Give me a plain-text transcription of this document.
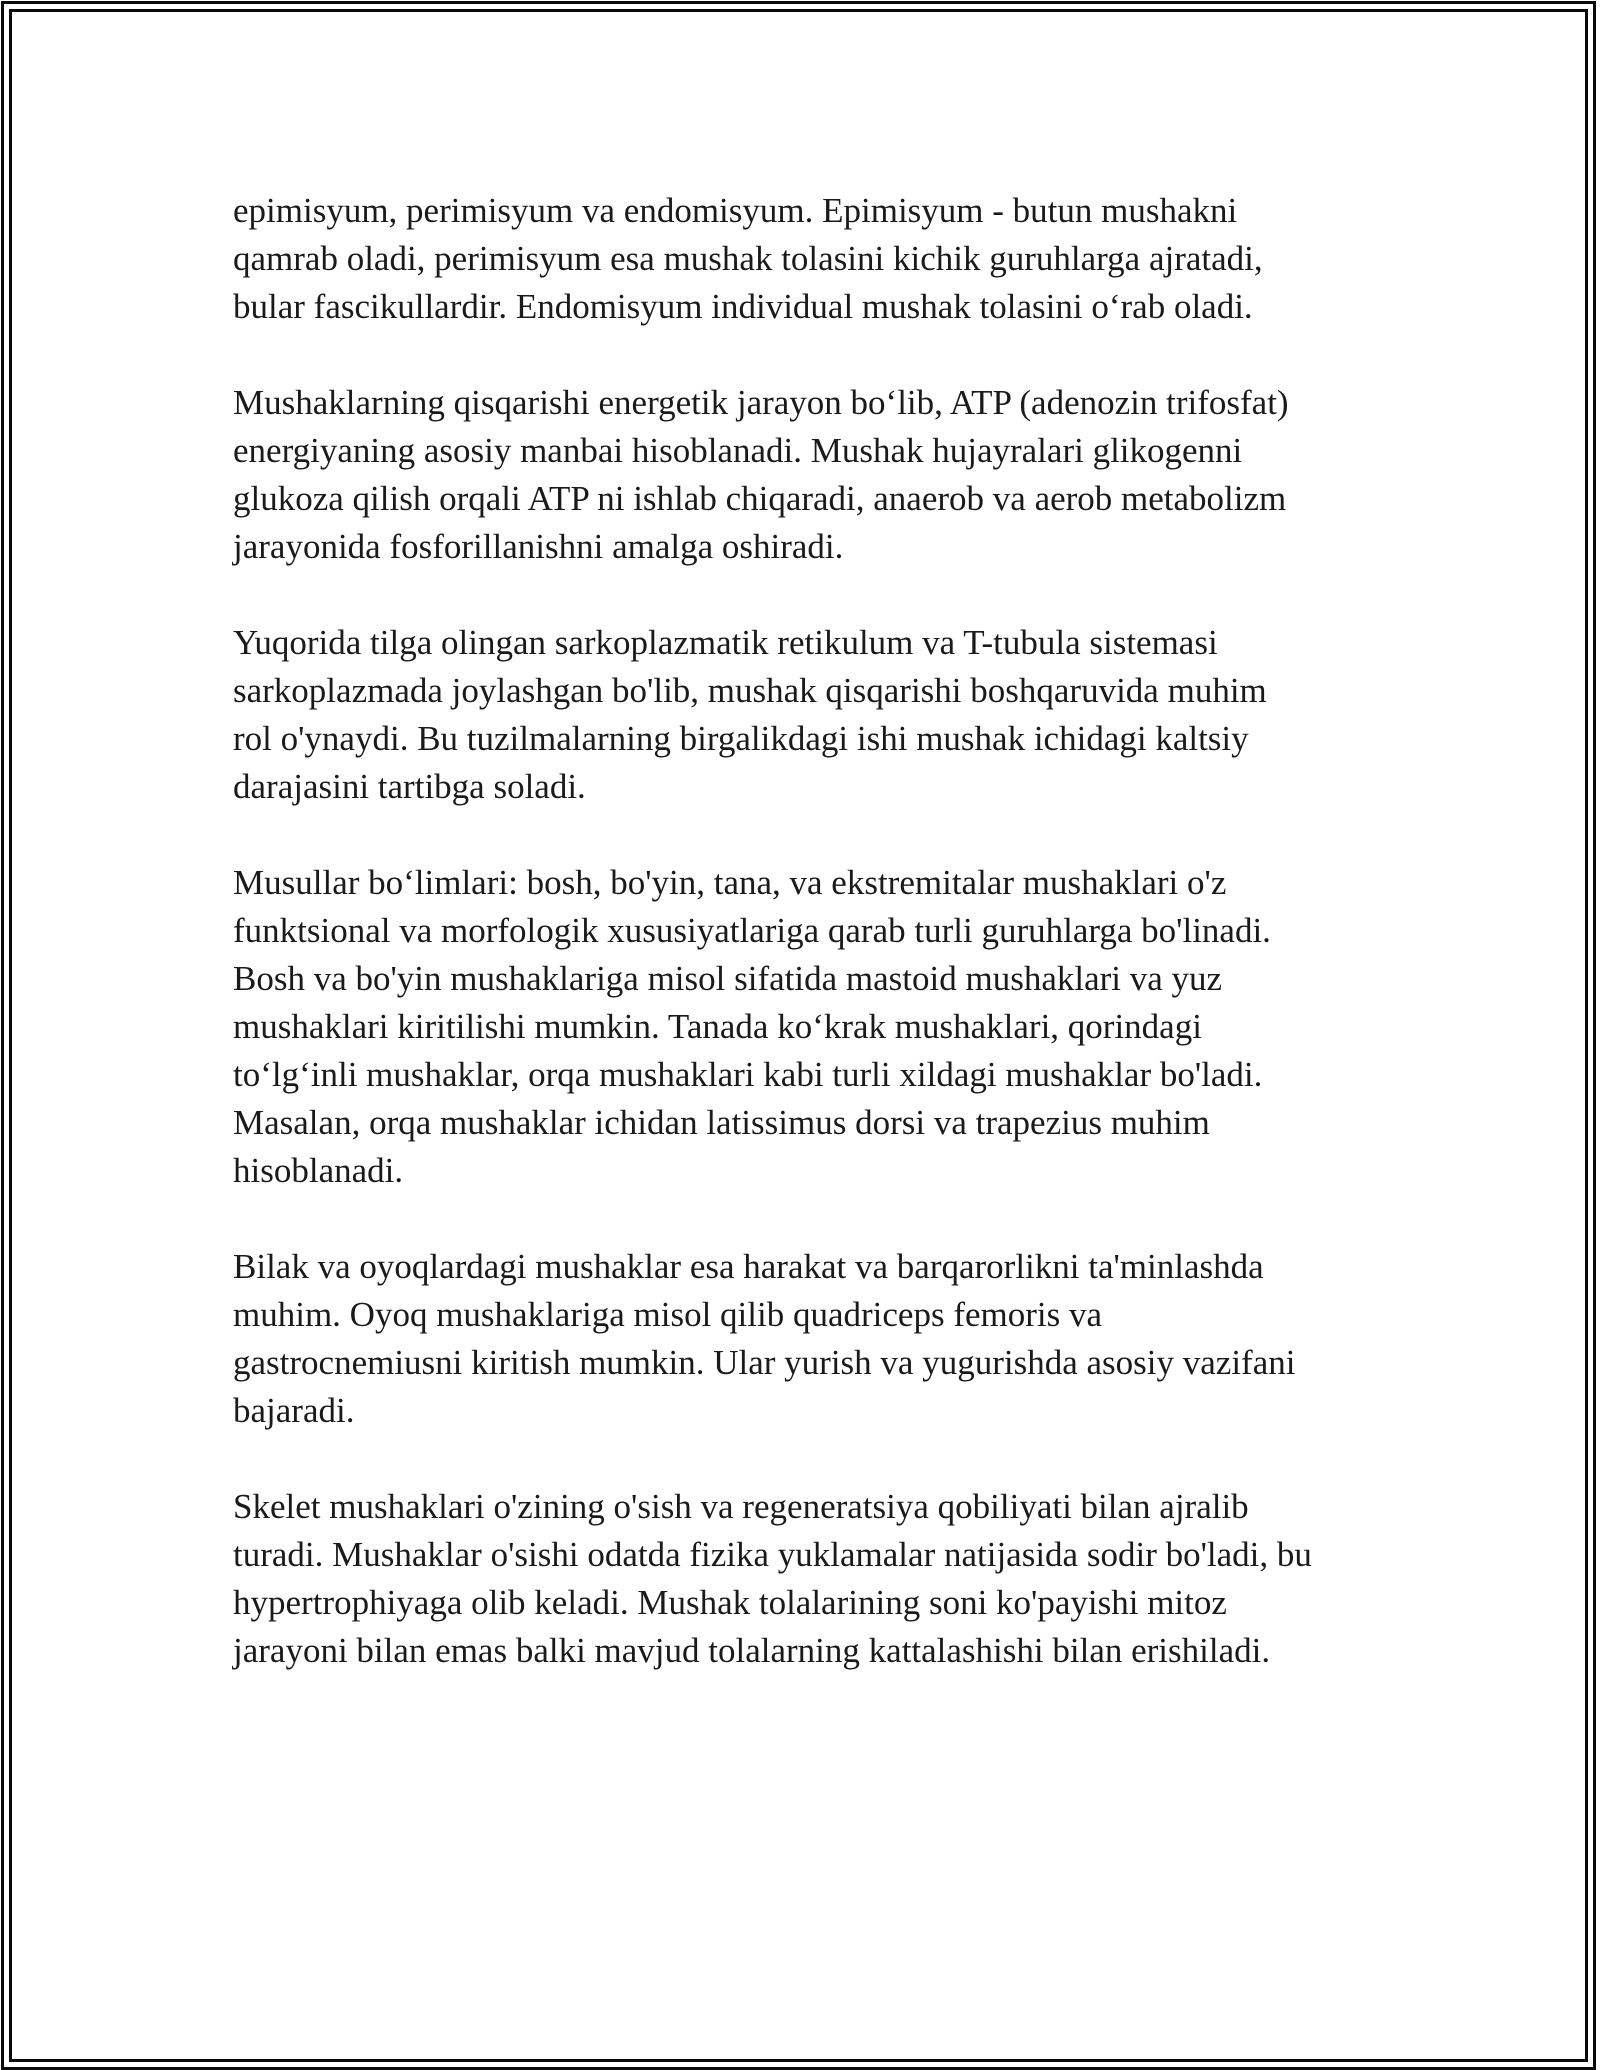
epimisyum, perimisyum va endomisyum. Epimisyum - butun mushakni
qamrab oladi, perimisyum esa mushak tolasini kichik guruhlarga ajratadi,
bular fascikullardir. Endomisyum individual mushak tolasini oʻrab oladi.

Mushaklarning qisqarishi energetik jarayon boʻlib, ATP (adenozin trifosfat)
energiyaning asosiy manbai hisoblanadi. Mushak hujayralari glikogenni
glukoza qilish orqali ATP ni ishlab chiqaradi, anaerob va aerob metabolizm
jarayonida fosforillanishni amalga oshiradi.

Yuqorida tilga olingan sarkoplazmatik retikulum va T-tubula sistemasi
sarkoplazmada joylashgan bo'lib, mushak qisqarishi boshqaruvida muhim
rol o'ynaydi. Bu tuzilmalarning birgalikdagi ishi mushak ichidagi kaltsiy
darajasini tartibga soladi.

Musullar boʻlimlari: bosh, bo'yin, tana, va ekstremitalar mushaklari o'z
funktsional va morfologik xususiyatlariga qarab turli guruhlarga bo'linadi.
Bosh va bo'yin mushaklariga misol sifatida mastoid mushaklari va yuz
mushaklari kiritilishi mumkin. Tanada koʻkrak mushaklari, qorindagi
toʻlgʻinli mushaklar, orqa mushaklari kabi turli xildagi mushaklar bo'ladi.
Masalan, orqa mushaklar ichidan latissimus dorsi va trapezius muhim
hisoblanadi.

Bilak va oyoqlardagi mushaklar esa harakat va barqarorlikni ta'minlashda
muhim. Oyoq mushaklariga misol qilib quadriceps femoris va
gastrocnemiusni kiritish mumkin. Ular yurish va yugurishda asosiy vazifani
bajaradi.

Skelet mushaklari o'zining o'sish va regeneratsiya qobiliyati bilan ajralib
turadi. Mushaklar o'sishi odatda fizika yuklamalar natijasida sodir bo'ladi, bu
hypertrophiyaga olib keladi. Mushak tolalarining soni ko'payishi mitoz
jarayoni bilan emas balki mavjud tolalarning kattalashishi bilan erishiladi.
